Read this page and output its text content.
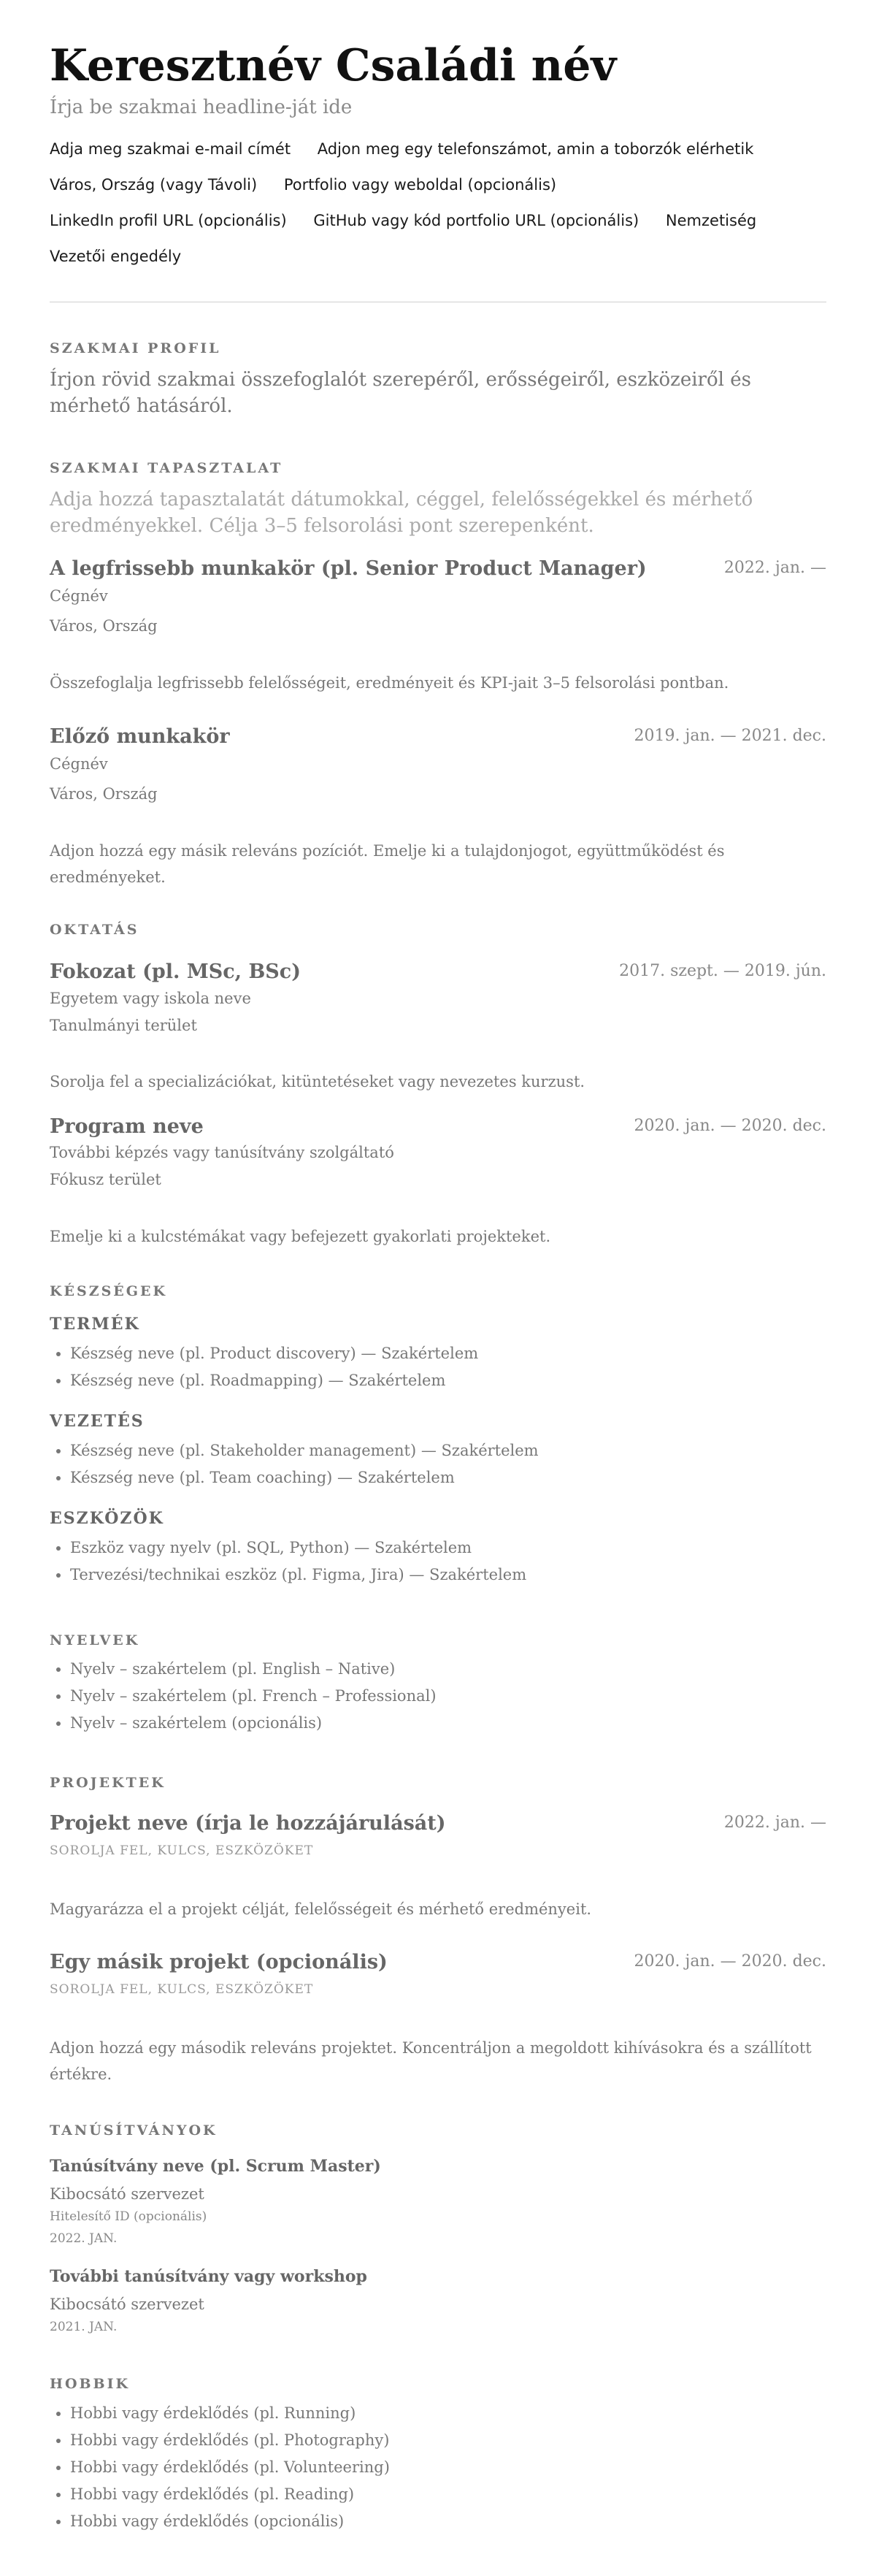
Keresztnév Családi név
Írja be szakmai headline-ját ide
Adja meg szakmai e-mail címét Adjon meg egy telefonszámot, amin a toborzók elérhetik
Város, Ország (vagy Távoli) Portfolio vagy weboldal (opcionális)
LinkedIn profil URL (opcionális) GitHub vagy kód portfolio URL (opcionális) Nemzetiség
Vezetői engedély
SZAKMAI PROFIL
Írjon rövid szakmai összefoglalót szerepéről, erősségeiről, eszközeiről és mérhető hatásáról.
SZAKMAI TAPASZTALAT
Adja hozzá tapasztalatát dátumokkal, céggel, felelősségekkel és mérhető eredményekkel. Célja 3–5 felsorolási pont szerepenként.
A legfrissebb munkakör (pl. Senior Product Manager)	2022. jan. —
Cégnév
Város, Ország
Összefoglalja legfrissebb felelősségeit, eredményeit és KPI-jait 3–5 felsorolási pontban.
Előző munkakör	2019. jan. — 2021. dec.
Cégnév
Város, Ország
Adjon hozzá egy másik releváns pozíciót. Emelje ki a tulajdonjogot, együttműködést és eredményeket.
OKTATÁS
Fokozat (pl. MSc, BSc)	2017. szept. — 2019. jún.
Egyetem vagy iskola neve
Tanulmányi terület
Sorolja fel a specializációkat, kitüntetéseket vagy nevezetes kurzust.
Program neve	2020. jan. — 2020. dec.
További képzés vagy tanúsítvány szolgáltató
Fókusz terület
Emelje ki a kulcstémákat vagy befejezett gyakorlati projekteket.
KÉSZSÉGEK
TERMÉK
• Készség neve (pl. Product discovery) — Szakértelem
• Készség neve (pl. Roadmapping) — Szakértelem
VEZETÉS
• Készség neve (pl. Stakeholder management) — Szakértelem
• Készség neve (pl. Team coaching) — Szakértelem
ESZKÖZÖK
• Eszköz vagy nyelv (pl. SQL, Python) — Szakértelem
• Tervezési/technikai eszköz (pl. Figma, Jira) — Szakértelem
NYELVEK
• Nyelv – szakértelem (pl. English – Native)
• Nyelv – szakértelem (pl. French – Professional)
• Nyelv – szakértelem (opcionális)
PROJEKTEK
Projekt neve (írja le hozzájárulását)	2022. jan. —
SOROLJA FEL, KULCS, ESZKÖZÖKET
Magyarázza el a projekt célját, felelősségeit és mérhető eredményeit.
Egy másik projekt (opcionális)	2020. jan. — 2020. dec.
SOROLJA FEL, KULCS, ESZKÖZÖKET
Adjon hozzá egy második releváns projektet. Koncentráljon a megoldott kihívásokra és a szállított értékre.
TANÚSÍTVÁNYOK
Tanúsítvány neve (pl. Scrum Master)
Kibocsátó szervezet
Hitelesítő ID (opcionális)
2022. JAN.
További tanúsítvány vagy workshop
Kibocsátó szervezet
2021. JAN.
HOBBIK
• Hobbi vagy érdeklődés (pl. Running)
• Hobbi vagy érdeklődés (pl. Photography)
• Hobbi vagy érdeklődés (pl. Volunteering)
• Hobbi vagy érdeklődés (pl. Reading)
• Hobbi vagy érdeklődés (opcionális)
